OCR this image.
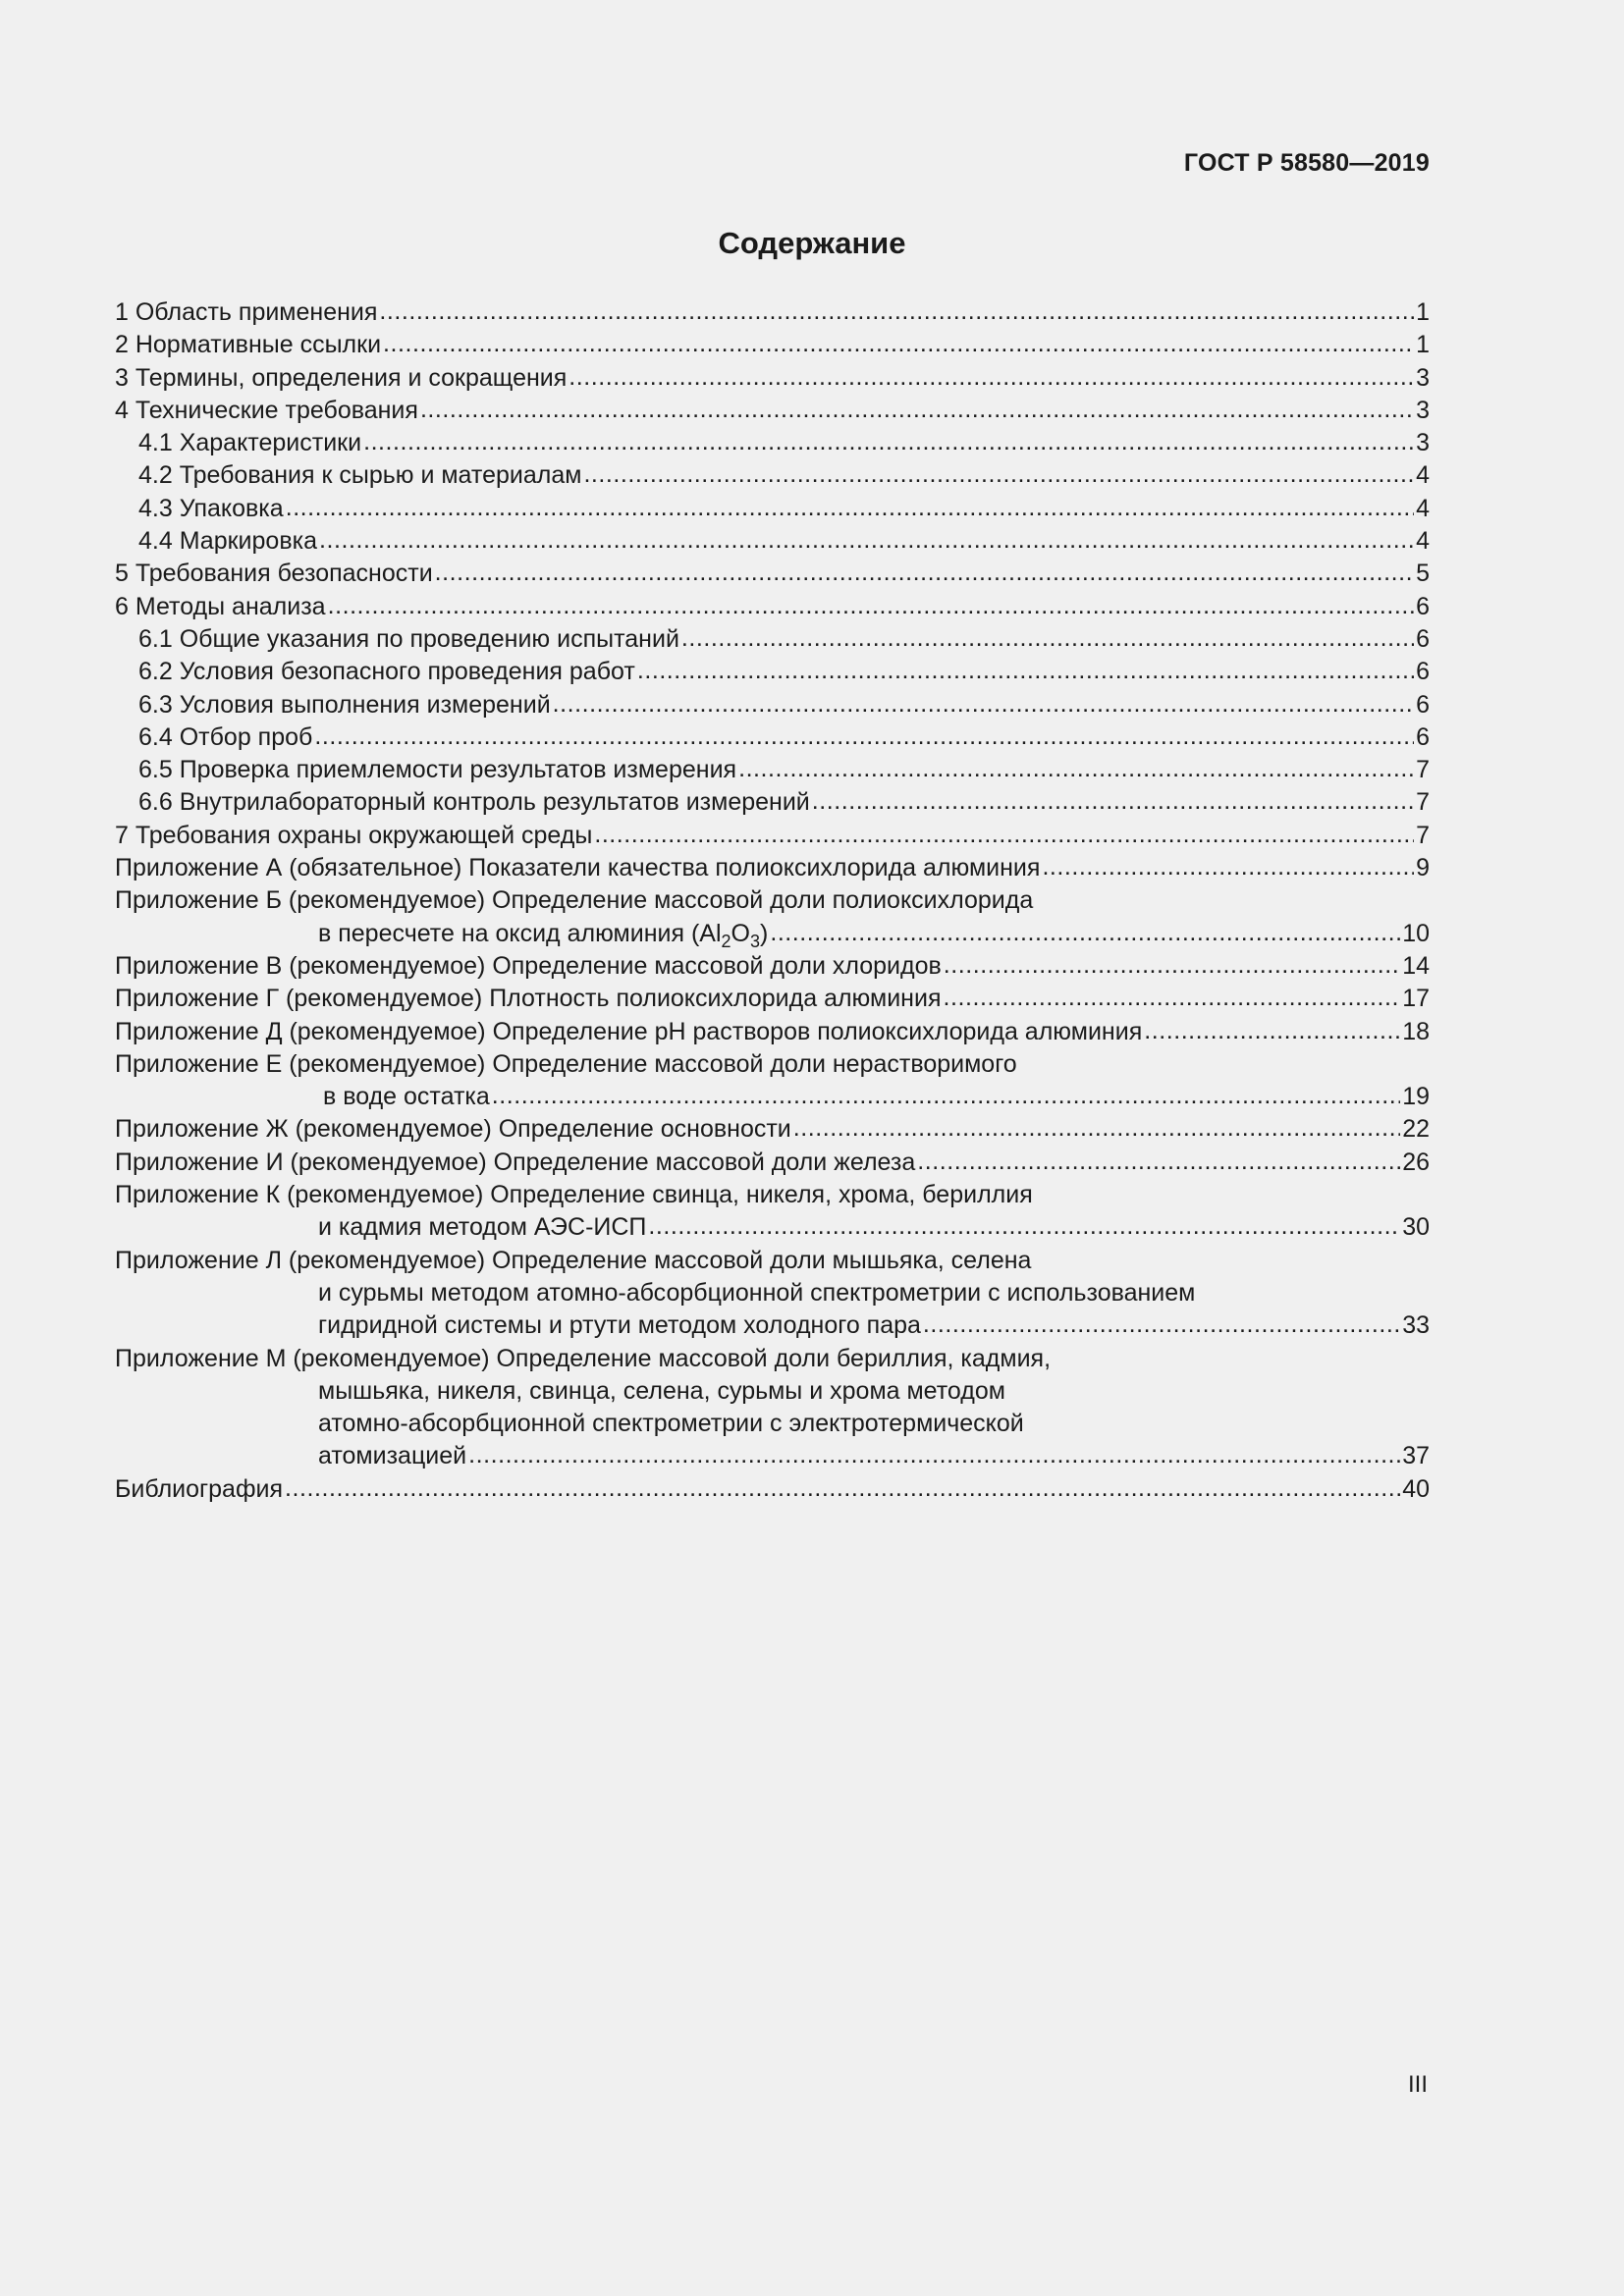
ГОСТ Р 58580—2019
Содержание
1 Область применения . . .	1
2 Нормативные ссылки . . .	1
3 Термины, определения и сокращения . . .	3
4 Технические требования . . .	3
4.1 Характеристики . . .	3
4.2 Требования к сырью и материалам . . .	4
4.3 Упаковка . . .	4
4.4 Маркировка . . .	4
5 Требования безопасности . . .	5
6 Методы анализа . . .	6
6.1 Общие указания по проведению испытаний . . .	6
6.2 Условия безопасного проведения работ . . .	6
6.3 Условия выполнения измерений . . .	6
6.4 Отбор проб . . .	6
6.5 Проверка приемлемости результатов измерения . . .	7
6.6 Внутрилабораторный контроль результатов измерений . . .	7
7 Требования охраны окружающей среды . . .	7
Приложение А (обязательное) Показатели качества полиоксихлорида алюминия . . .	9
Приложение Б (рекомендуемое) Определение массовой доли полиоксихлорида
в пересчете на оксид алюминия $(Al_2O_3)$ . . .	10
Приложение В (рекомендуемое) Определение массовой доли хлоридов . . .	14
Приложение Г (рекомендуемое) Плотность полиоксихлорида алюминия . . .	17
Приложение Д (рекомендуемое) Определение pH растворов полиоксихлорида алюминия . . .	18
Приложение Е (рекомендуемое) Определение массовой доли нерастворимого
в воде остатка . . .	19
Приложение Ж (рекомендуемое) Определение основности . . .	22
Приложение И (рекомендуемое) Определение массовой доли железа . . .	26
Приложение К (рекомендуемое) Определение свинца, никеля, хрома, бериллия
и кадмия методом АЭС-ИСП . . .	30
Приложение Л (рекомендуемое) Определение массовой доли мышьяка, селена
и сурьмы методом атомно-абсорбционной спектрометрии с использованием
гидридной системы и ртути методом холодного пара . . .	33
Приложение М (рекомендуемое) Определение массовой доли бериллия, кадмия,
мышьяка, никеля, свинца, селена, сурьмы и хрома методом
атомно-абсорбционной спектрометрии с электротермической
атомизацией . . .	37
Библиография . . .	40
III
